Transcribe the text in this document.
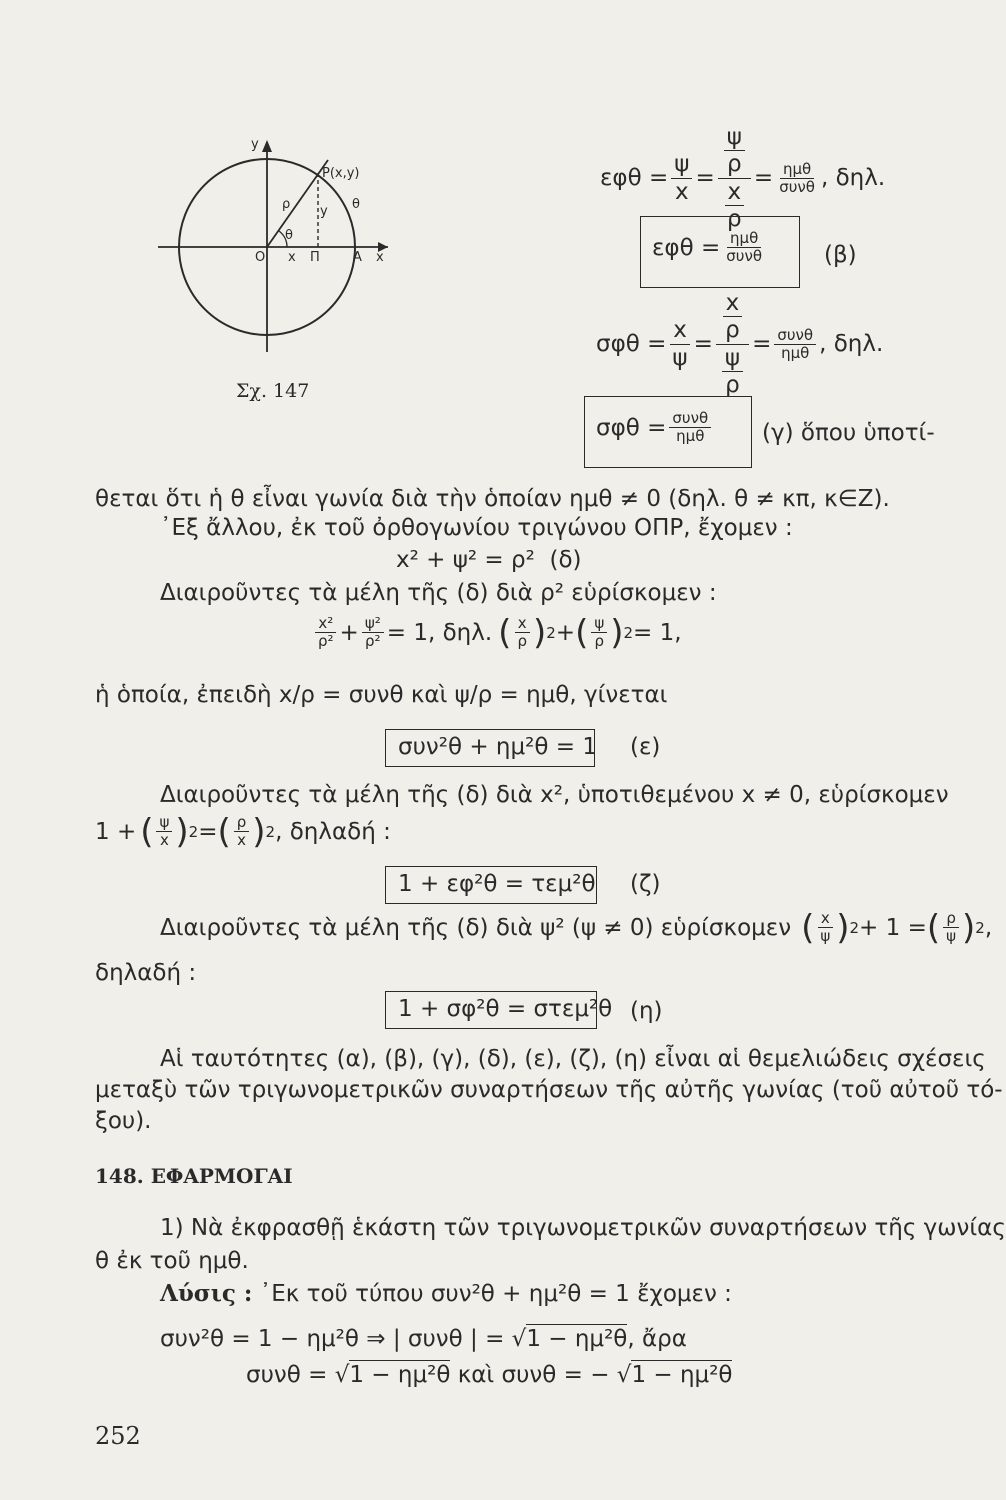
y
P(x,y)
ρ y
θ
θ
O x Π	A x
Σχ. 147
$\varepsilon\varphi\theta = \frac{\psi}{x} = \frac{\frac{\psi}{\rho}}{\frac{x}{\rho}} = \frac{\text{ημθ}}{\text{συνθ}}$ , δηλ.
$\varepsilon\varphi\theta = \frac{\text{ημθ}}{\text{συνθ}}$	(β)
$\sigma\varphi\theta = \frac{x}{\psi} = \frac{\frac{x}{\rho}}{\frac{\psi}{\rho}} = \frac{\text{συνθ}}{\text{ημθ}}$ , δηλ.
$\sigma\varphi\theta = \frac{\text{συνθ}}{\text{ημθ}} (\gamma)$ ὅπου ὑποτί-
θεται ὅτι ἡ θ εἶναι γωνία διὰ τὴν ὁποίαν ημθ ≠ 0 (δηλ. θ ≠ κπ, κ∈Z).
᾿Εξ ἄλλου, ἐκ τοῦ ὀρθογωνίου τριγώνου ΟΠΡ, ἔχομεν :
x² + ψ² = ρ² (δ)
Διαιροῦντες τὰ μέλη τῆς (δ) διὰ ρ² εὑρίσκομεν :
$\frac{\text{x²}}{\text{ρ²}} + \frac{\text{ψ²}}{\text{ρ²}} = 1$, δηλ. ( $\frac{x}{\rho}$ ) 2 + ( $\frac{\psi}{\rho}$ ) 2 = 1,
ἡ ὁποία, ἐπειδὴ x/ρ = συνθ καὶ ψ/ρ = ημθ, γίνεται
συν²θ + ημ²θ = 1 (ε)
Διαιροῦντες τὰ μέλη τῆς (δ) διὰ x², ὑποτιθεμένου x ≠ 0, εὑρίσκομεν
1 + ( $\frac{\psi}{x}$ ) 2 = ( $\frac{\rho}{x}$ ) 2 , δηλαδή :
1 + εφ²θ = τεμ²θ (ζ)
Διαιροῦντες τὰ μέλη τῆς (δ) διὰ ψ² (ψ ≠ 0) εὑρίσκομεν ( $\frac{x}{\psi}$ ) 2 + 1 = ( $\frac{\rho}{\psi}$ ) 2 ,
δηλαδή :
1 + σφ²θ = στεμ²θ (η)
Αἱ ταυτότητες (α), (β), (γ), (δ), (ε), (ζ), (η) εἶναι αἱ θεμελιώδεις σχέσεις
μεταξὺ τῶν τριγωνομετρικῶν συναρτήσεων τῆς αὐτῆς γωνίας (τοῦ αὐτοῦ τό-
ξου).
148. ΕΦΑΡΜΟΓΑΙ
1) Νὰ ἐκφρασθῇ ἑκάστη τῶν τριγωνομετρικῶν συναρτήσεων τῆς γωνίας
θ ἐκ τοῦ ημθ.
Λύσις : ᾿Εκ τοῦ τύπου συν²θ + ημ²θ = 1 ἔχομεν :
συν²θ = 1 − ημ²θ ⇒ | συνθ | = √1 − ημ²θ, ἄρα
συνθ = √1 − ημ²θ καὶ συνθ = − √1 − ημ²θ
252
